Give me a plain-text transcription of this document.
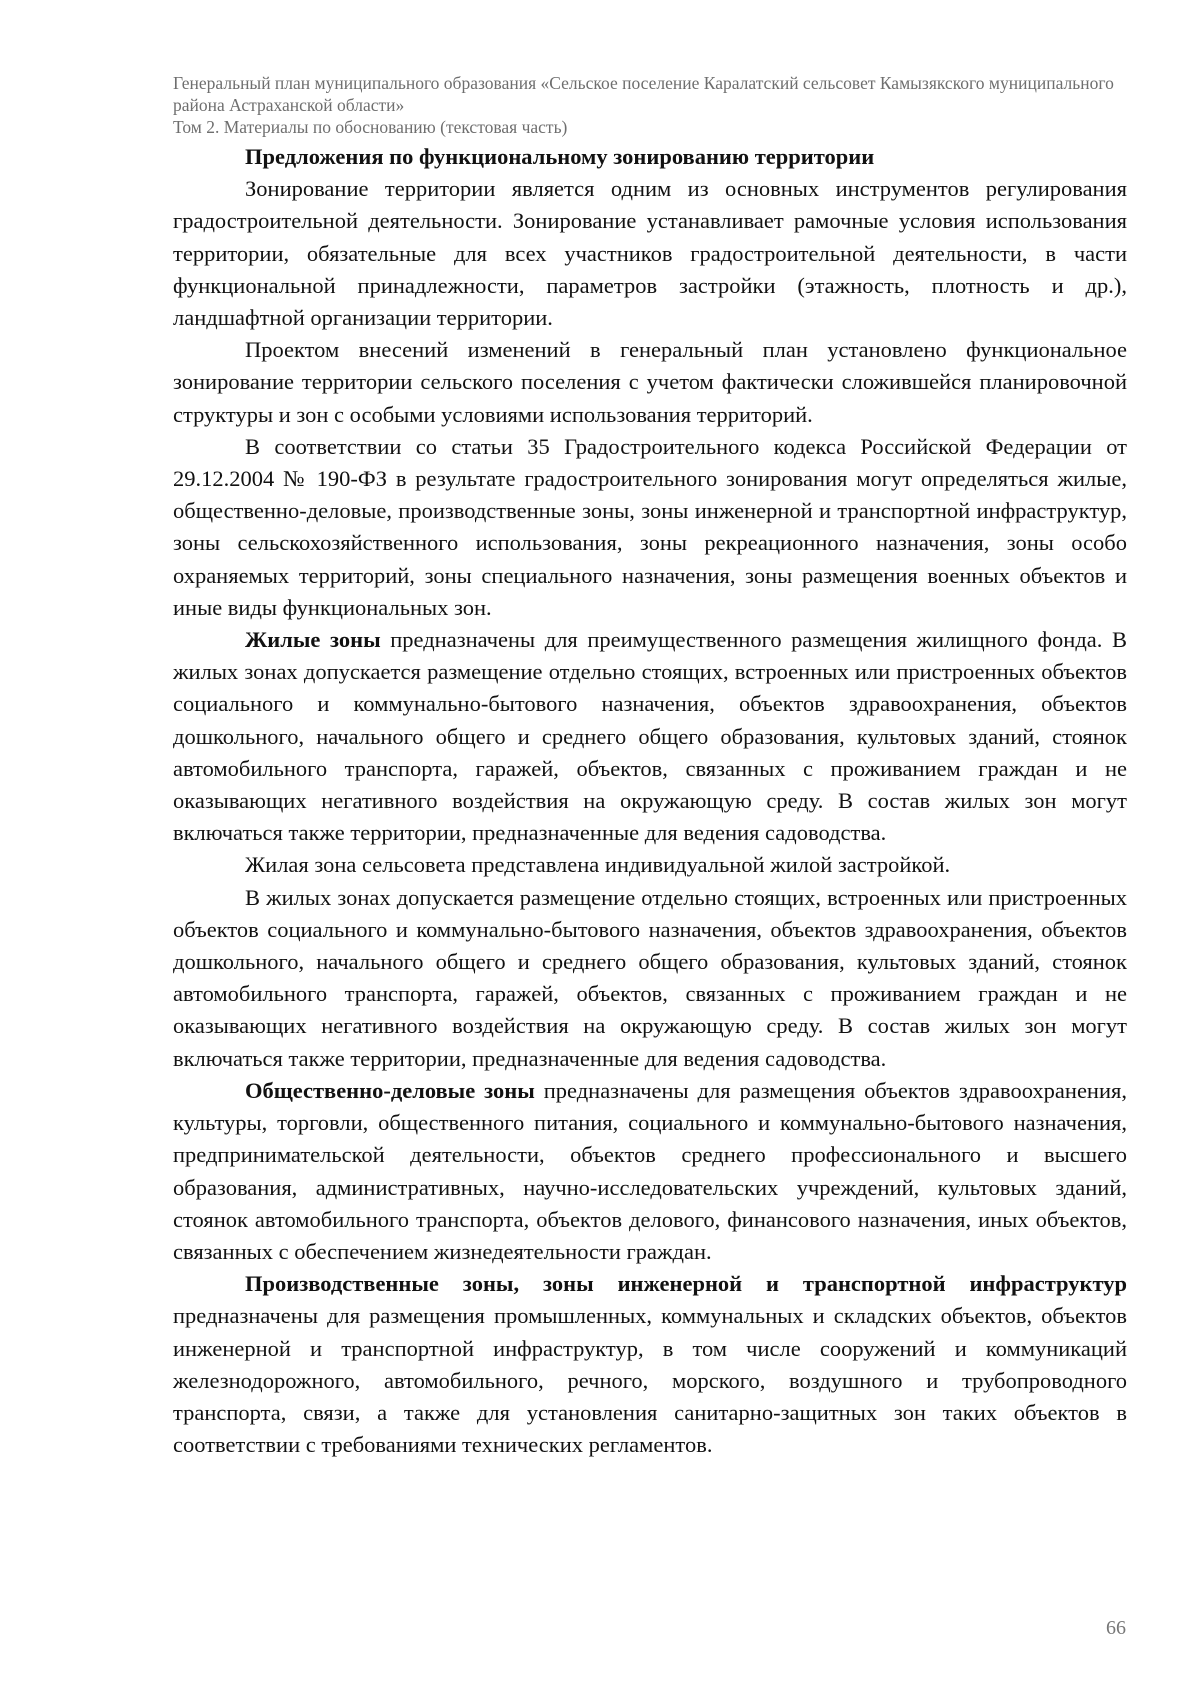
Генеральный план муниципального образования «Сельское поселение Каралатский сельсовет Камызякского муниципального района Астраханской области»
Том 2. Материалы по обоснованию (текстовая часть)
Предложения по функциональному зонированию территории

Зонирование территории является одним из основных инструментов регулирования градостроительной деятельности. Зонирование устанавливает рамочные условия использования территории, обязательные для всех участников градостроительной деятельности, в части функциональной принадлежности, параметров застройки (этажность, плотность и др.), ландшафтной организации территории.

Проектом внесений изменений в генеральный план установлено функциональное зонирование территории сельского поселения с учетом фактически сложившейся планировочной структуры и зон с особыми условиями использования территорий.

В соответствии со статьи 35 Градостроительного кодекса Российской Федерации от 29.12.2004 № 190-ФЗ в результате градостроительного зонирования могут определяться жилые, общественно-деловые, производственные зоны, зоны инженерной и транспортной инфраструктур, зоны сельскохозяйственного использования, зоны рекреационного назначения, зоны особо охраняемых территорий, зоны специального назначения, зоны размещения военных объектов и иные виды функциональных зон.

Жилые зоны предназначены для преимущественного размещения жилищного фонда. В жилых зонах допускается размещение отдельно стоящих, встроенных или пристроенных объектов социального и коммунально-бытового назначения, объектов здравоохранения, объектов дошкольного, начального общего и среднего общего образования, культовых зданий, стоянок автомобильного транспорта, гаражей, объектов, связанных с проживанием граждан и не оказывающих негативного воздействия на окружающую среду. В состав жилых зон могут включаться также территории, предназначенные для ведения садоводства.

Жилая зона сельсовета представлена индивидуальной жилой застройкой.

В жилых зонах допускается размещение отдельно стоящих, встроенных или пристроенных объектов социального и коммунально-бытового назначения, объектов здравоохранения, объектов дошкольного, начального общего и среднего общего образования, культовых зданий, стоянок автомобильного транспорта, гаражей, объектов, связанных с проживанием граждан и не оказывающих негативного воздействия на окружающую среду. В состав жилых зон могут включаться также территории, предназначенные для ведения садоводства.

Общественно-деловые зоны предназначены для размещения объектов здравоохранения, культуры, торговли, общественного питания, социального и коммунально-бытового назначения, предпринимательской деятельности, объектов среднего профессионального и высшего образования, административных, научно-исследовательских учреждений, культовых зданий, стоянок автомобильного транспорта, объектов делового, финансового назначения, иных объектов, связанных с обеспечением жизнедеятельности граждан.

Производственные зоны, зоны инженерной и транспортной инфраструктур предназначены для размещения промышленных, коммунальных и складских объектов, объектов инженерной и транспортной инфраструктур, в том числе сооружений и коммуникаций железнодорожного, автомобильного, речного, морского, воздушного и трубопроводного транспорта, связи, а также для установления санитарно-защитных зон таких объектов в соответствии с требованиями технических регламентов.

66
